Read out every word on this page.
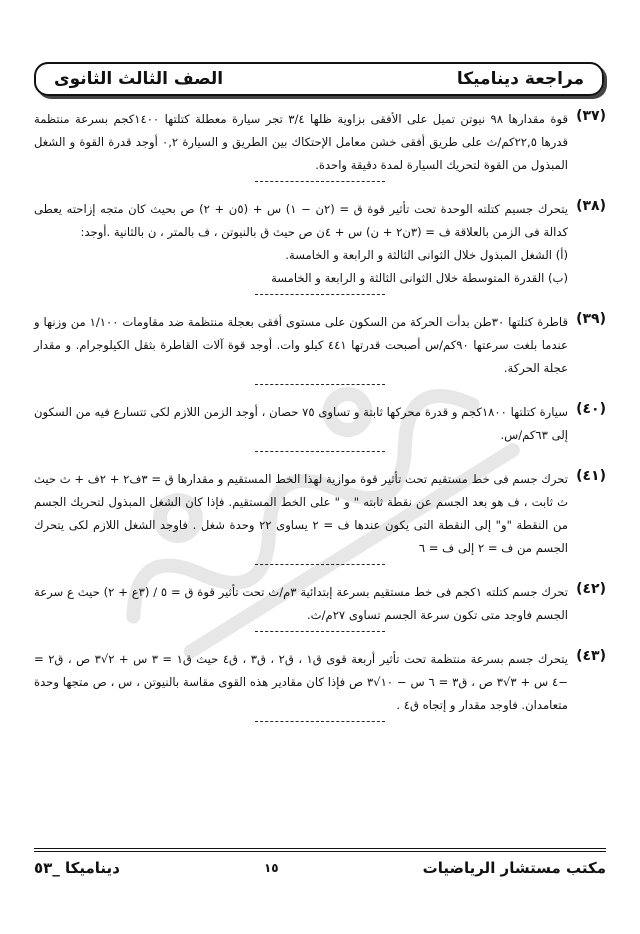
مراجعة ديناميكا
الصف الثالث الثانوى
(٣٧)
قوة مقدارها ٩٨ نيوتن تميل على الأفقى بزاوية ظلها ٣/٤ تجر سيارة معطلة كتلتها ١٤٠٠كجم بسرعة منتظمة قدرها ٢٢,٥كم/ث على طريق أفقى خشن معامل الإحتكاك بين الطريق و السيارة ٠,٢ أوجد قدرة القوة و الشغل المبذول من القوة لتحريك السيارة لمدة دقيقة واحدة.
(٣٨)
يتحرك جسيم كتلته الوحدة تحت تأثير قوة ق = (٢ن − ١) س + (٥ن + ٢) ص بحيث كان متجه إزاحته يعطى كدالة فى الزمن بالعلاقة ف = (٣ن٢ + ن) س + ٤ن ص حيث ق بالنيوتن ، ف بالمتر ، ن بالثانية .أوجد:
(أ) الشغل المبذول خلال الثوانى الثالثة و الرابعة و الخامسة.
(ب) القدرة المتوسطة خلال الثوانى الثالثة و الرابعة و الخامسة
(٣٩)
قاطرة كتلتها ٣٠طن بدأت الحركة من السكون على مستوى أفقى بعجلة منتظمة ضد مقاومات ١/١٠٠ من وزنها و عندما بلغت سرعتها ٩٠كم/س أصبحت قدرتها ٤٤١ كيلو وات. أوجد قوة آلات القاطرة بثقل الكيلوجرام. و مقدار عجلة الحركة.
(٤٠)
سيارة كتلتها ١٨٠٠كجم و قدرة محركها ثابتة و تساوى ٧٥ حصان ، أوجد الزمن اللازم لكى تتسارع فيه من السكون إلى ٦٣كم/س.
(٤١)
تحرك جسم فى خط مستقيم تحت تأثير قوة موازية لهذا الخط المستقيم و مقدارها ق = ٣ف٢ + ٢ف + ث حيث ث ثابت ، ف هو بعد الجسم عن نقطة ثابته " و " على الخط المستقيم. فإذا كان الشغل المبذول لتحريك الجسم من النقطة "و" إلى النقطة التى يكون عندها ف = ٢ يساوى ٢٢ وحدة شغل . فاوجد الشغل اللازم لكى يتحرك الجسم من ف = ٢ إلى ف = ٦
(٤٢)
تحرك جسم كتلته ١كجم فى خط مستقيم بسرعة إبتدائية ٣م/ث تحت تأثير قوة ق = ٥ / (٣ع + ٢) حيث ع سرعة الجسم فاوجد متى تكون سرعة الجسم تساوى ٢٧م/ث.
(٤٣)
يتحرك جسم بسرعة منتظمة تحت تأثير أربعة قوى ق١ ، ق٢ ، ق٣ ، ق٤ حيث ق١ = ٣ س + ٢√٣ ص ، ق٢ = −٤ س + ٣√٣ ص ، ق٣ = ٦ س − ١٠√٣ ص فإذا كان مقادير هذه القوى مقاسة بالنيوتن ، س ، ص متجها وحدة متعامدان. فاوجد مقدار و إتجاه ق٤ .
مكتب مستشار الرياضيات
١٥
ديناميكا _٥٣
